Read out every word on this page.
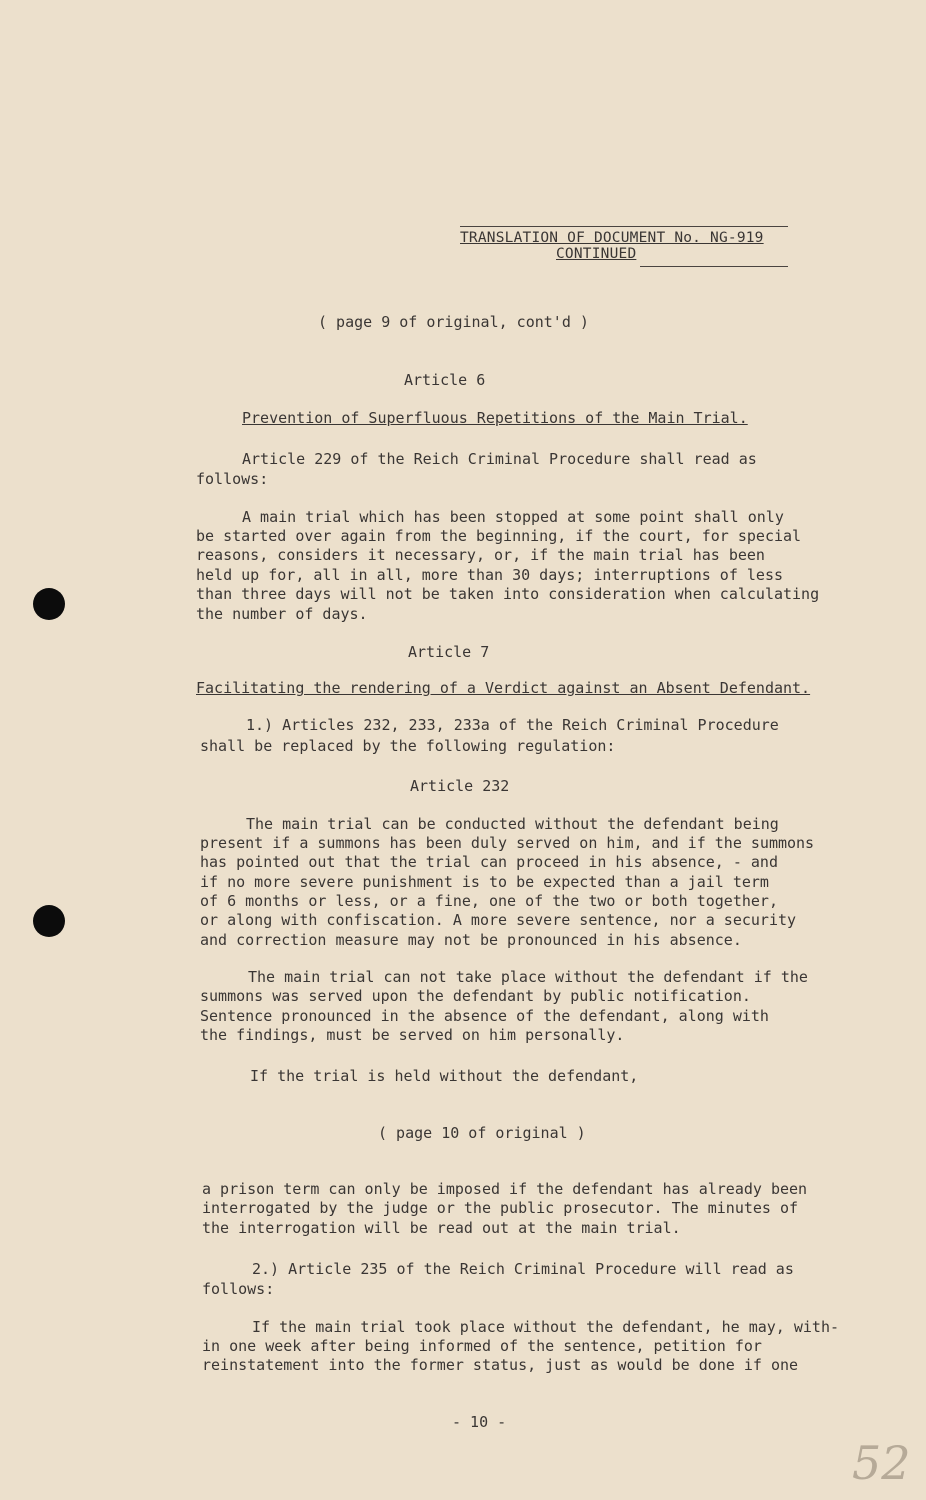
TRANSLATION OF DOCUMENT No. NG-919
CONTINUED
( page 9 of original, cont'd )
Article 6
Prevention of Superfluous Repetitions of the Main Trial.
Article 229 of the Reich Criminal Procedure shall read as
follows:
A main trial which has been stopped at some point shall only
be started over again from the beginning, if the court, for special
reasons, considers it necessary, or, if the main trial has been
held up for, all in all, more than 30 days; interruptions of less
than three days will not be taken into consideration when calculating
the number of days.
Article 7
Facilitating the rendering of a Verdict against an Absent Defendant.
1.) Articles 232, 233, 233a of the Reich Criminal Procedure
shall be replaced by the following regulation:
Article 232
The main trial can be conducted without the defendant being
present if a summons has been duly served on him, and if the summons
has pointed out that the trial can proceed in his absence, - and
if no more severe punishment is to be expected than a jail term
of 6 months or less, or a fine, one of the two or both together,
or along with confiscation. A more severe sentence, nor a security
and correction measure may not be pronounced in his absence.
The main trial can not take place without the defendant if the
summons was served upon the defendant by public notification.
Sentence pronounced in the absence of the defendant, along with
the findings, must be served on him personally.
If the trial is held without the defendant,
( page 10 of original )
a prison term can only be imposed if the defendant has already been
interrogated by the judge or the public prosecutor. The minutes of
the interrogation will be read out at the main trial.
2.) Article 235 of the Reich Criminal Procedure will read as
follows:
If the main trial took place without the defendant, he may, with-
in one week after being informed of the sentence, petition for
reinstatement into the former status, just as would be done if one
- 10 -
52
